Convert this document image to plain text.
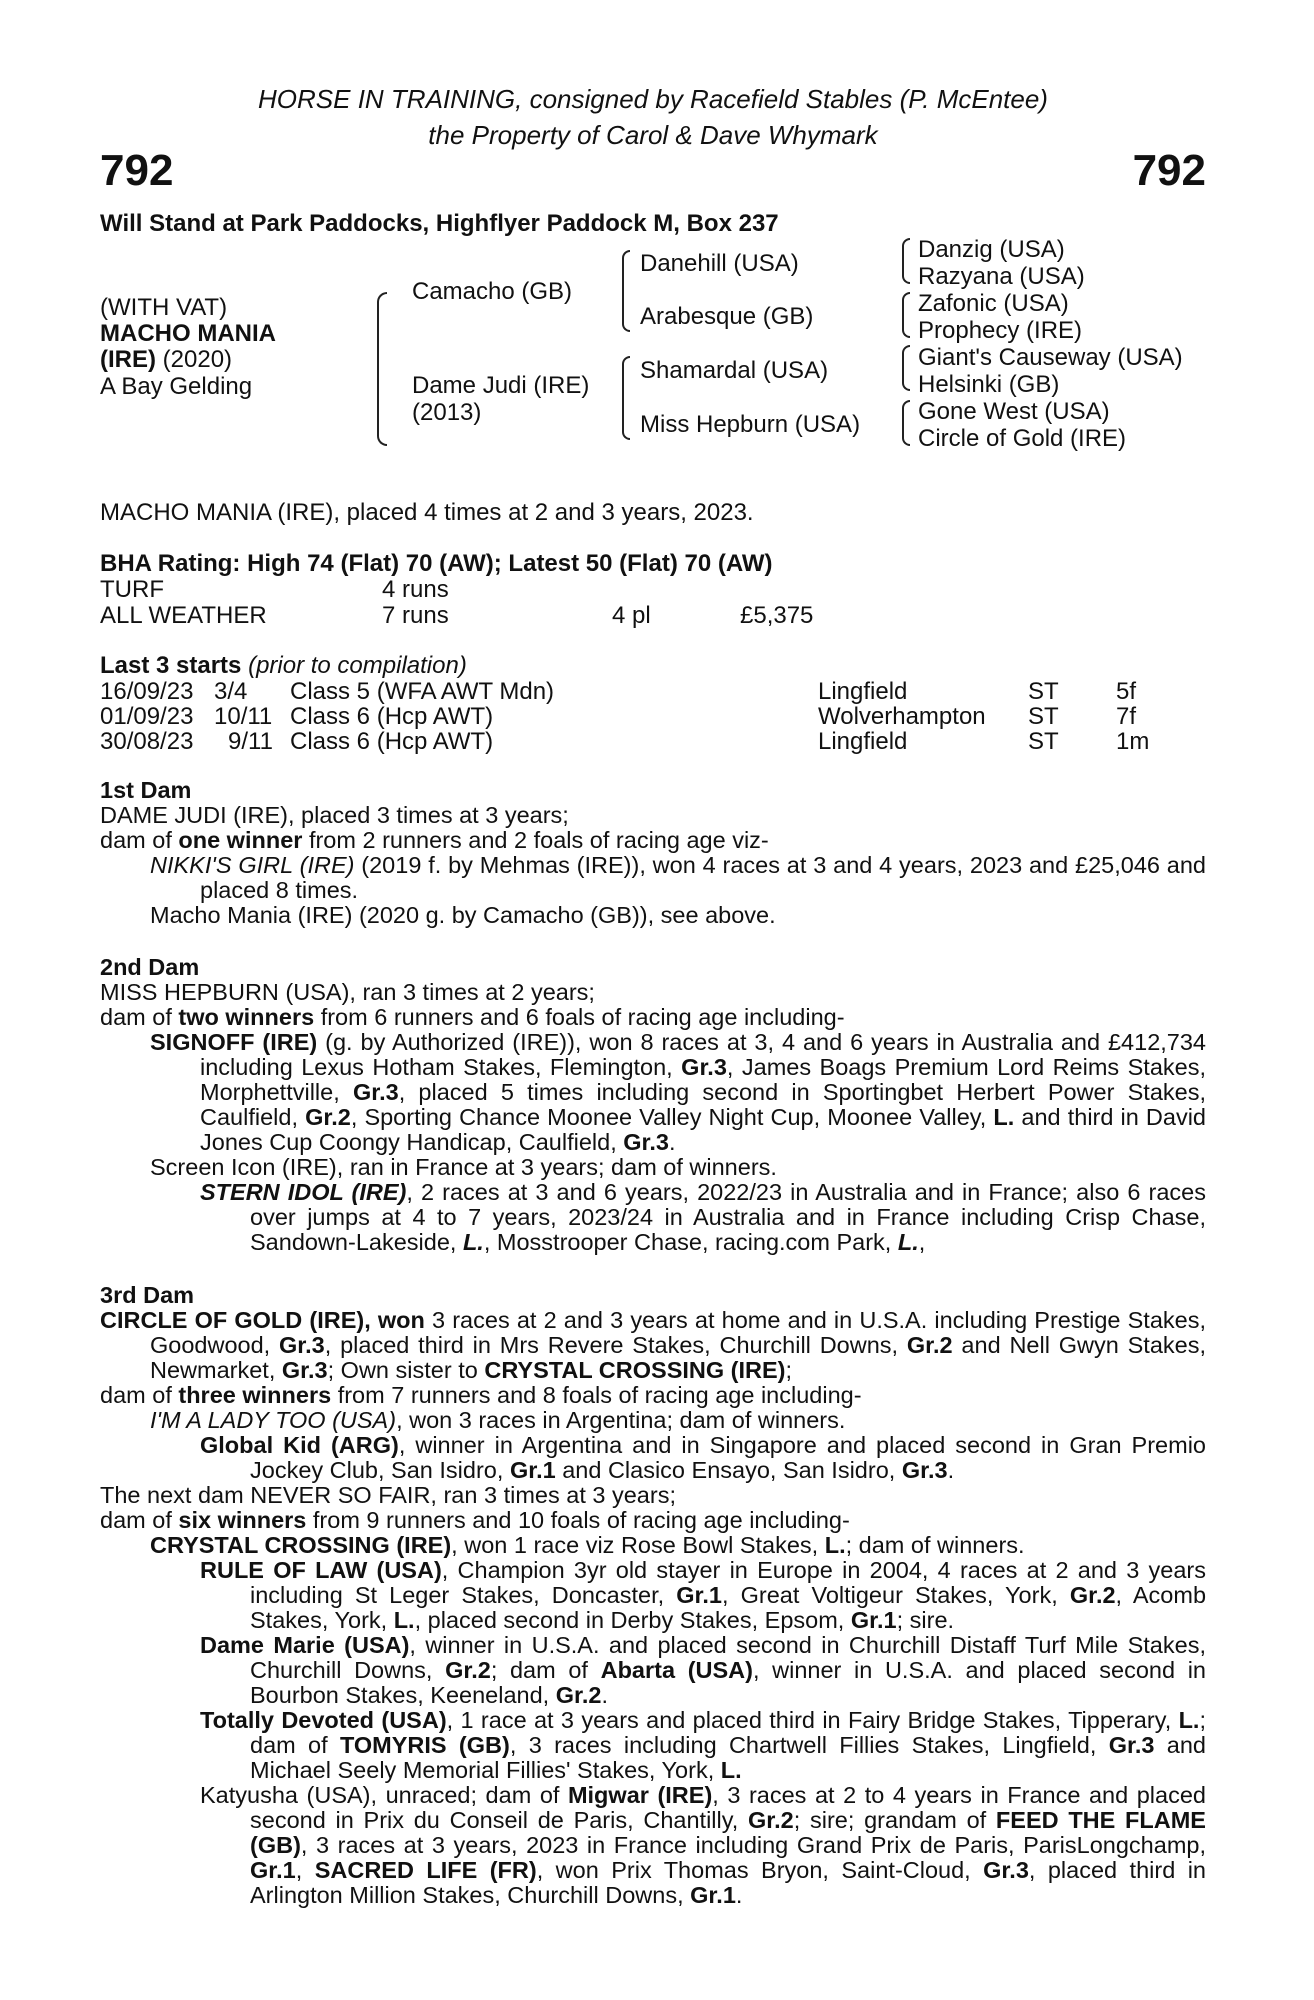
HORSE IN TRAINING, consigned by Racefield Stables (P. McEntee)
the Property of Carol & Dave Whymark
792	792
Will Stand at Park Paddocks, Highflyer Paddock M, Box 237
(WITH VAT)
MACHO MANIA
(IRE) (2020)
A Bay Gelding
Camacho (GB)
Dame Judi (IRE)
(2013)
Danehill (USA)
Arabesque (GB)
Shamardal (USA)
Miss Hepburn (USA)
Danzig (USA)
Razyana (USA)
Zafonic (USA)
Prophecy (IRE)
Giant's Causeway (USA)
Helsinki (GB)
Gone West (USA)
Circle of Gold (IRE)
MACHO MANIA (IRE), placed 4 times at 2 and 3 years, 2023.
BHA Rating: High 74 (Flat) 70 (AW); Latest 50 (Flat) 70 (AW)
TURF	4 runs
ALL WEATHER	7 runs	4 pl	£5,375
Last 3 starts (prior to compilation)
16/09/23 3/4 Class 5 (WFA AWT Mdn)	Lingfield	ST 5f
01/09/23 10/11 Class 6 (Hcp AWT)	Wolverhampton ST 7f
30/08/23 9/11 Class 6 (Hcp AWT)	Lingfield	ST 1m

1st Dam

DAME JUDI (IRE), placed 3 times at 3 years;

dam of one winner from 2 runners and 2 foals of racing age viz-

NIKKI'S GIRL (IRE) (2019 f. by Mehmas (IRE)), won 4 races at 3 and 4 years, 2023 and £25,046 and placed 8 times.

Macho Mania (IRE) (2020 g. by Camacho (GB)), see above.

2nd Dam

MISS HEPBURN (USA), ran 3 times at 2 years;

dam of two winners from 6 runners and 6 foals of racing age including-

SIGNOFF (IRE) (g. by Authorized (IRE)), won 8 races at 3, 4 and 6 years in Australia and £412,734 including Lexus Hotham Stakes, Flemington, Gr.3, James Boags Premium Lord Reims Stakes, Morphettville, Gr.3, placed 5 times including second in Sportingbet Herbert Power Stakes, Caulfield, Gr.2, Sporting Chance Moonee Valley Night Cup, Moonee Valley, L. and third in David Jones Cup Coongy Handicap, Caulfield, Gr.3.

Screen Icon (IRE), ran in France at 3 years; dam of winners.

STERN IDOL (IRE), 2 races at 3 and 6 years, 2022/23 in Australia and in France; also 6 races over jumps at 4 to 7 years, 2023/24 in Australia and in France including Crisp Chase, Sandown-Lakeside, L., Mosstrooper Chase, racing.com Park, L.,

3rd Dam

CIRCLE OF GOLD (IRE), won 3 races at 2 and 3 years at home and in U.S.A. including Prestige Stakes, Goodwood, Gr.3, placed third in Mrs Revere Stakes, Churchill Downs, Gr.2 and Nell Gwyn Stakes, Newmarket, Gr.3; Own sister to CRYSTAL CROSSING (IRE);

dam of three winners from 7 runners and 8 foals of racing age including-

I'M A LADY TOO (USA), won 3 races in Argentina; dam of winners.

Global Kid (ARG), winner in Argentina and in Singapore and placed second in Gran Premio Jockey Club, San Isidro, Gr.1 and Clasico Ensayo, San Isidro, Gr.3.

The next dam NEVER SO FAIR, ran 3 times at 3 years;

dam of six winners from 9 runners and 10 foals of racing age including-

CRYSTAL CROSSING (IRE), won 1 race viz Rose Bowl Stakes, L.; dam of winners.

RULE OF LAW (USA), Champion 3yr old stayer in Europe in 2004, 4 races at 2 and 3 years including St Leger Stakes, Doncaster, Gr.1, Great Voltigeur Stakes, York, Gr.2, Acomb Stakes, York, L., placed second in Derby Stakes, Epsom, Gr.1; sire.

Dame Marie (USA), winner in U.S.A. and placed second in Churchill Distaff Turf Mile Stakes, Churchill Downs, Gr.2; dam of Abarta (USA), winner in U.S.A. and placed second in Bourbon Stakes, Keeneland, Gr.2.

Totally Devoted (USA), 1 race at 3 years and placed third in Fairy Bridge Stakes, Tipperary, L.; dam of TOMYRIS (GB), 3 races including Chartwell Fillies Stakes, Lingfield, Gr.3 and Michael Seely Memorial Fillies' Stakes, York, L.

Katyusha (USA), unraced; dam of Migwar (IRE), 3 races at 2 to 4 years in France and placed second in Prix du Conseil de Paris, Chantilly, Gr.2; sire; grandam of FEED THE FLAME (GB), 3 races at 3 years, 2023 in France including Grand Prix de Paris, ParisLongchamp, Gr.1, SACRED LIFE (FR), won Prix Thomas Bryon, Saint-Cloud, Gr.3, placed third in Arlington Million Stakes, Churchill Downs, Gr.1.
